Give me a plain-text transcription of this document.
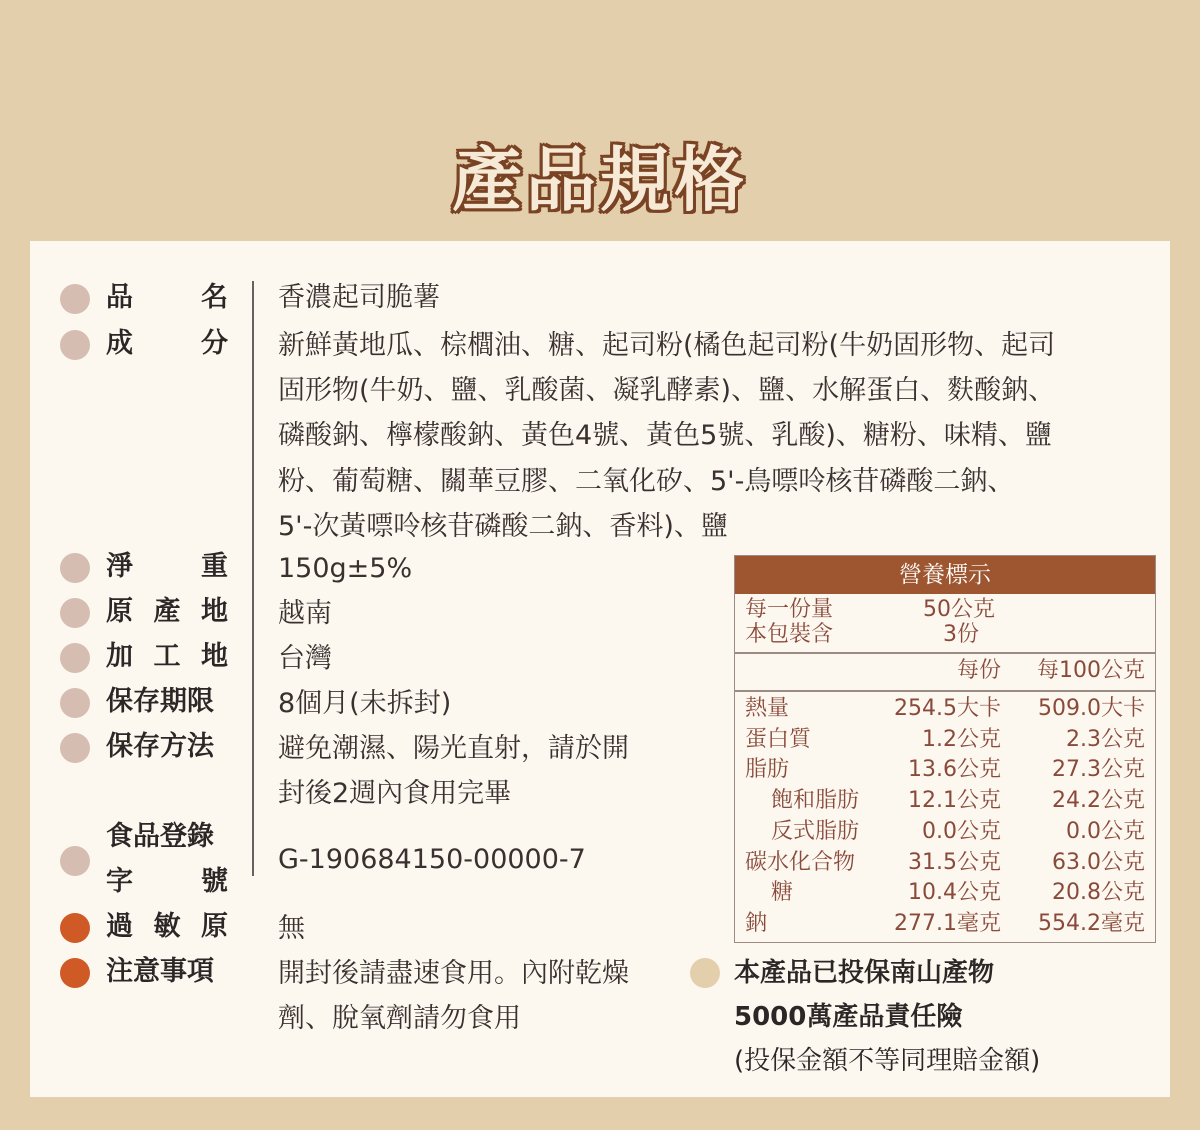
產品規格
品	名 香濃起司脆薯
成	分 新鮮黃地瓜、棕櫚油、糖、起司粉(橘色起司粉(牛奶固形物、起司
固形物(牛奶、鹽、乳酸菌、凝乳酵素)、鹽、水解蛋白、麩酸鈉、
磷酸鈉、檸檬酸鈉、黃色4號、黃色5號、乳酸)、糖粉、味精、鹽
粉、葡萄糖、關華豆膠、二氧化矽、5'-鳥嘌呤核苷磷酸二鈉、
5'-次黃嘌呤核苷磷酸二鈉、香料)、鹽
淨	重 150g±5%
原 產 地 越南
加 工 地 台灣
保存期限 8個月(未拆封)
保存方法 避免潮濕、陽光直射，請於開
封後2週內食用完畢
食品登錄
字	號
G-190684150-00000-7
過 敏 原 無
注意事項 開封後請盡速食用。內附乾燥
劑、脫氧劑請勿食用
營養標示
每一份量	50公克
本包裝含	3份
每份	每100公克
熱量	254.5大卡	509.0大卡
蛋白質	1.2公克	2.3公克
脂肪	13.6公克	27.3公克
飽和脂肪	12.1公克	24.2公克
反式脂肪	0.0公克	0.0公克
碳水化合物	31.5公克	63.0公克
糖	10.4公克	20.8公克
鈉	277.1毫克	554.2毫克
本產品已投保南山產物
5000萬產品責任險
(投保金額不等同理賠金額)
